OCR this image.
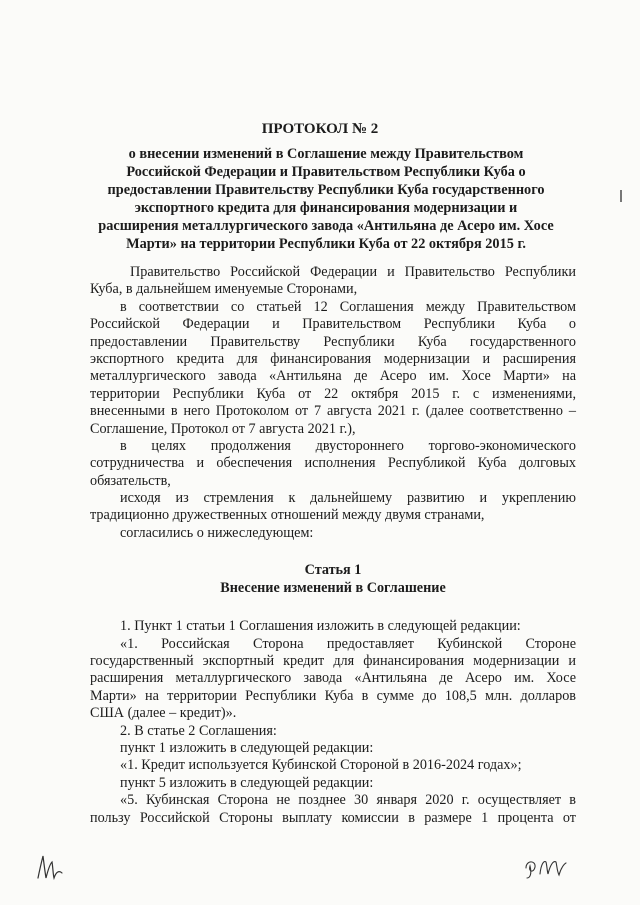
ПРОТОКОЛ № 2
о внесении изменений в Соглашение между Правительством
Российской Федерации и Правительством Республики Куба о
предоставлении Правительству Республики Куба государственного
экспортного кредита для финансирования модернизации и
расширения металлургического завода «Антильяна де Асеро им. Хосе
Марти» на территории Республики Куба от 22 октября 2015 г.
Правительство Российской Федерации и Правительство Республики
Куба, в дальнейшем именуемые Сторонами,
в соответствии со статьей 12 Соглашения между Правительством
Российской Федерации и Правительством Республики Куба о
предоставлении Правительству Республики Куба государственного
экспортного кредита для финансирования модернизации и расширения
металлургического завода «Антильяна де Асеро им. Хосе Марти» на
территории Республики Куба от 22 октября 2015 г. с изменениями,
внесенными в него Протоколом от 7 августа 2021 г. (далее соответственно –
Соглашение, Протокол от 7 августа 2021 г.),
в целях продолжения двустороннего торгово-экономического
сотрудничества и обеспечения исполнения Республикой Куба долговых
обязательств,
исходя из стремления к дальнейшему развитию и укреплению
традиционно дружественных отношений между двумя странами,
согласились о нижеследующем:
Статья 1
Внесение изменений в Соглашение
1. Пункт 1 статьи 1 Соглашения изложить в следующей редакции:
«1. Российская Сторона предоставляет Кубинской Стороне
государственный экспортный кредит для финансирования модернизации и
расширения металлургического завода «Антильяна де Асеро им. Хосе
Марти» на территории Республики Куба в сумме до 108,5 млн. долларов
США (далее – кредит)».
2. В статье 2 Соглашения:
пункт 1 изложить в следующей редакции:
«1. Кредит используется Кубинской Стороной в 2016-2024 годах»;
пункт 5 изложить в следующей редакции:
«5. Кубинская Сторона не позднее 30 января 2020 г. осуществляет в
пользу Российской Стороны выплату комиссии в размере 1 процента от
